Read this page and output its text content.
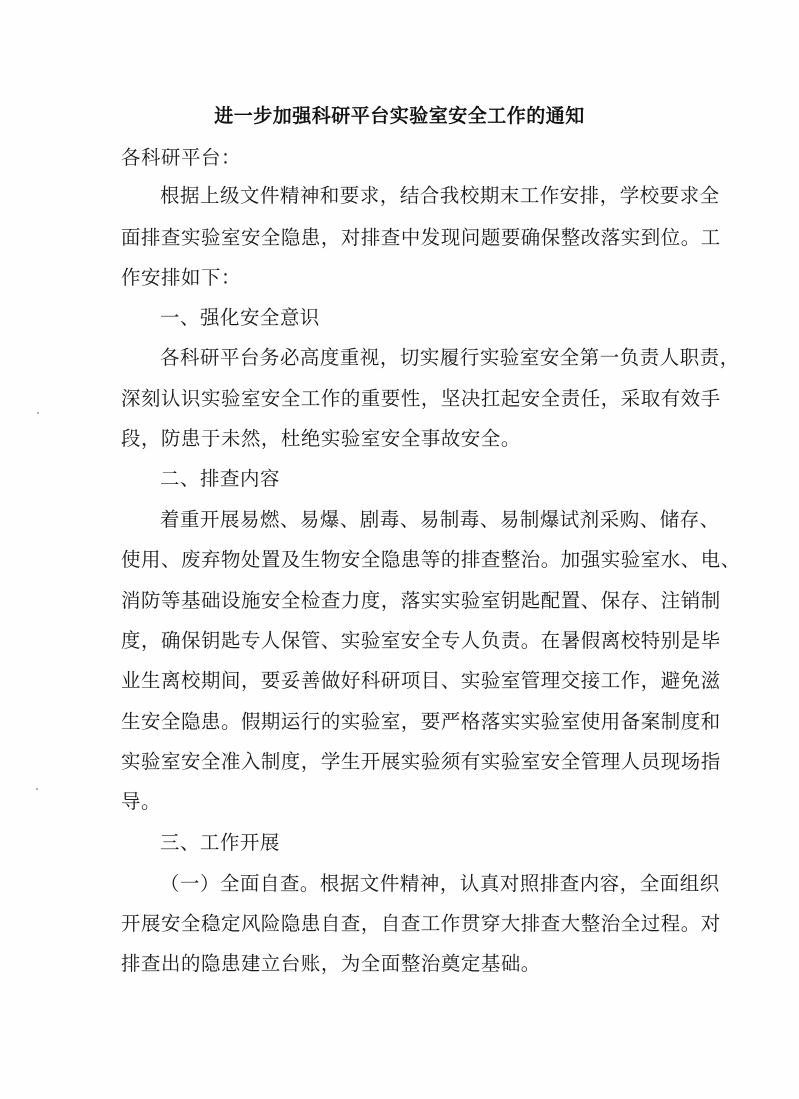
进一步加强科研平台实验室安全工作的通知

各科研平台：

根据上级文件精神和要求，结合我校期末工作安排，学校要求全

面排查实验室安全隐患，对排查中发现问题要确保整改落实到位。工

作安排如下：

一、强化安全意识

各科研平台务必高度重视，切实履行实验室安全第一负责人职责，

深刻认识实验室安全工作的重要性，坚决扛起安全责任，采取有效手

段，防患于未然，杜绝实验室安全事故安全。

二、排查内容

着重开展易燃、易爆、剧毒、易制毒、易制爆试剂采购、储存、

使用、废弃物处置及生物安全隐患等的排查整治。加强实验室水、电、

消防等基础设施安全检查力度，落实实验室钥匙配置、保存、注销制

度，确保钥匙专人保管、实验室安全专人负责。在暑假离校特别是毕

业生离校期间，要妥善做好科研项目、实验室管理交接工作，避免滋

生安全隐患。假期运行的实验室，要严格落实实验室使用备案制度和

实验室安全准入制度，学生开展实验须有实验室安全管理人员现场指

导。

三、工作开展

（一）全面自查。根据文件精神，认真对照排查内容，全面组织

开展安全稳定风险隐患自查，自查工作贯穿大排查大整治全过程。对

排查出的隐患建立台账，为全面整治奠定基础。
